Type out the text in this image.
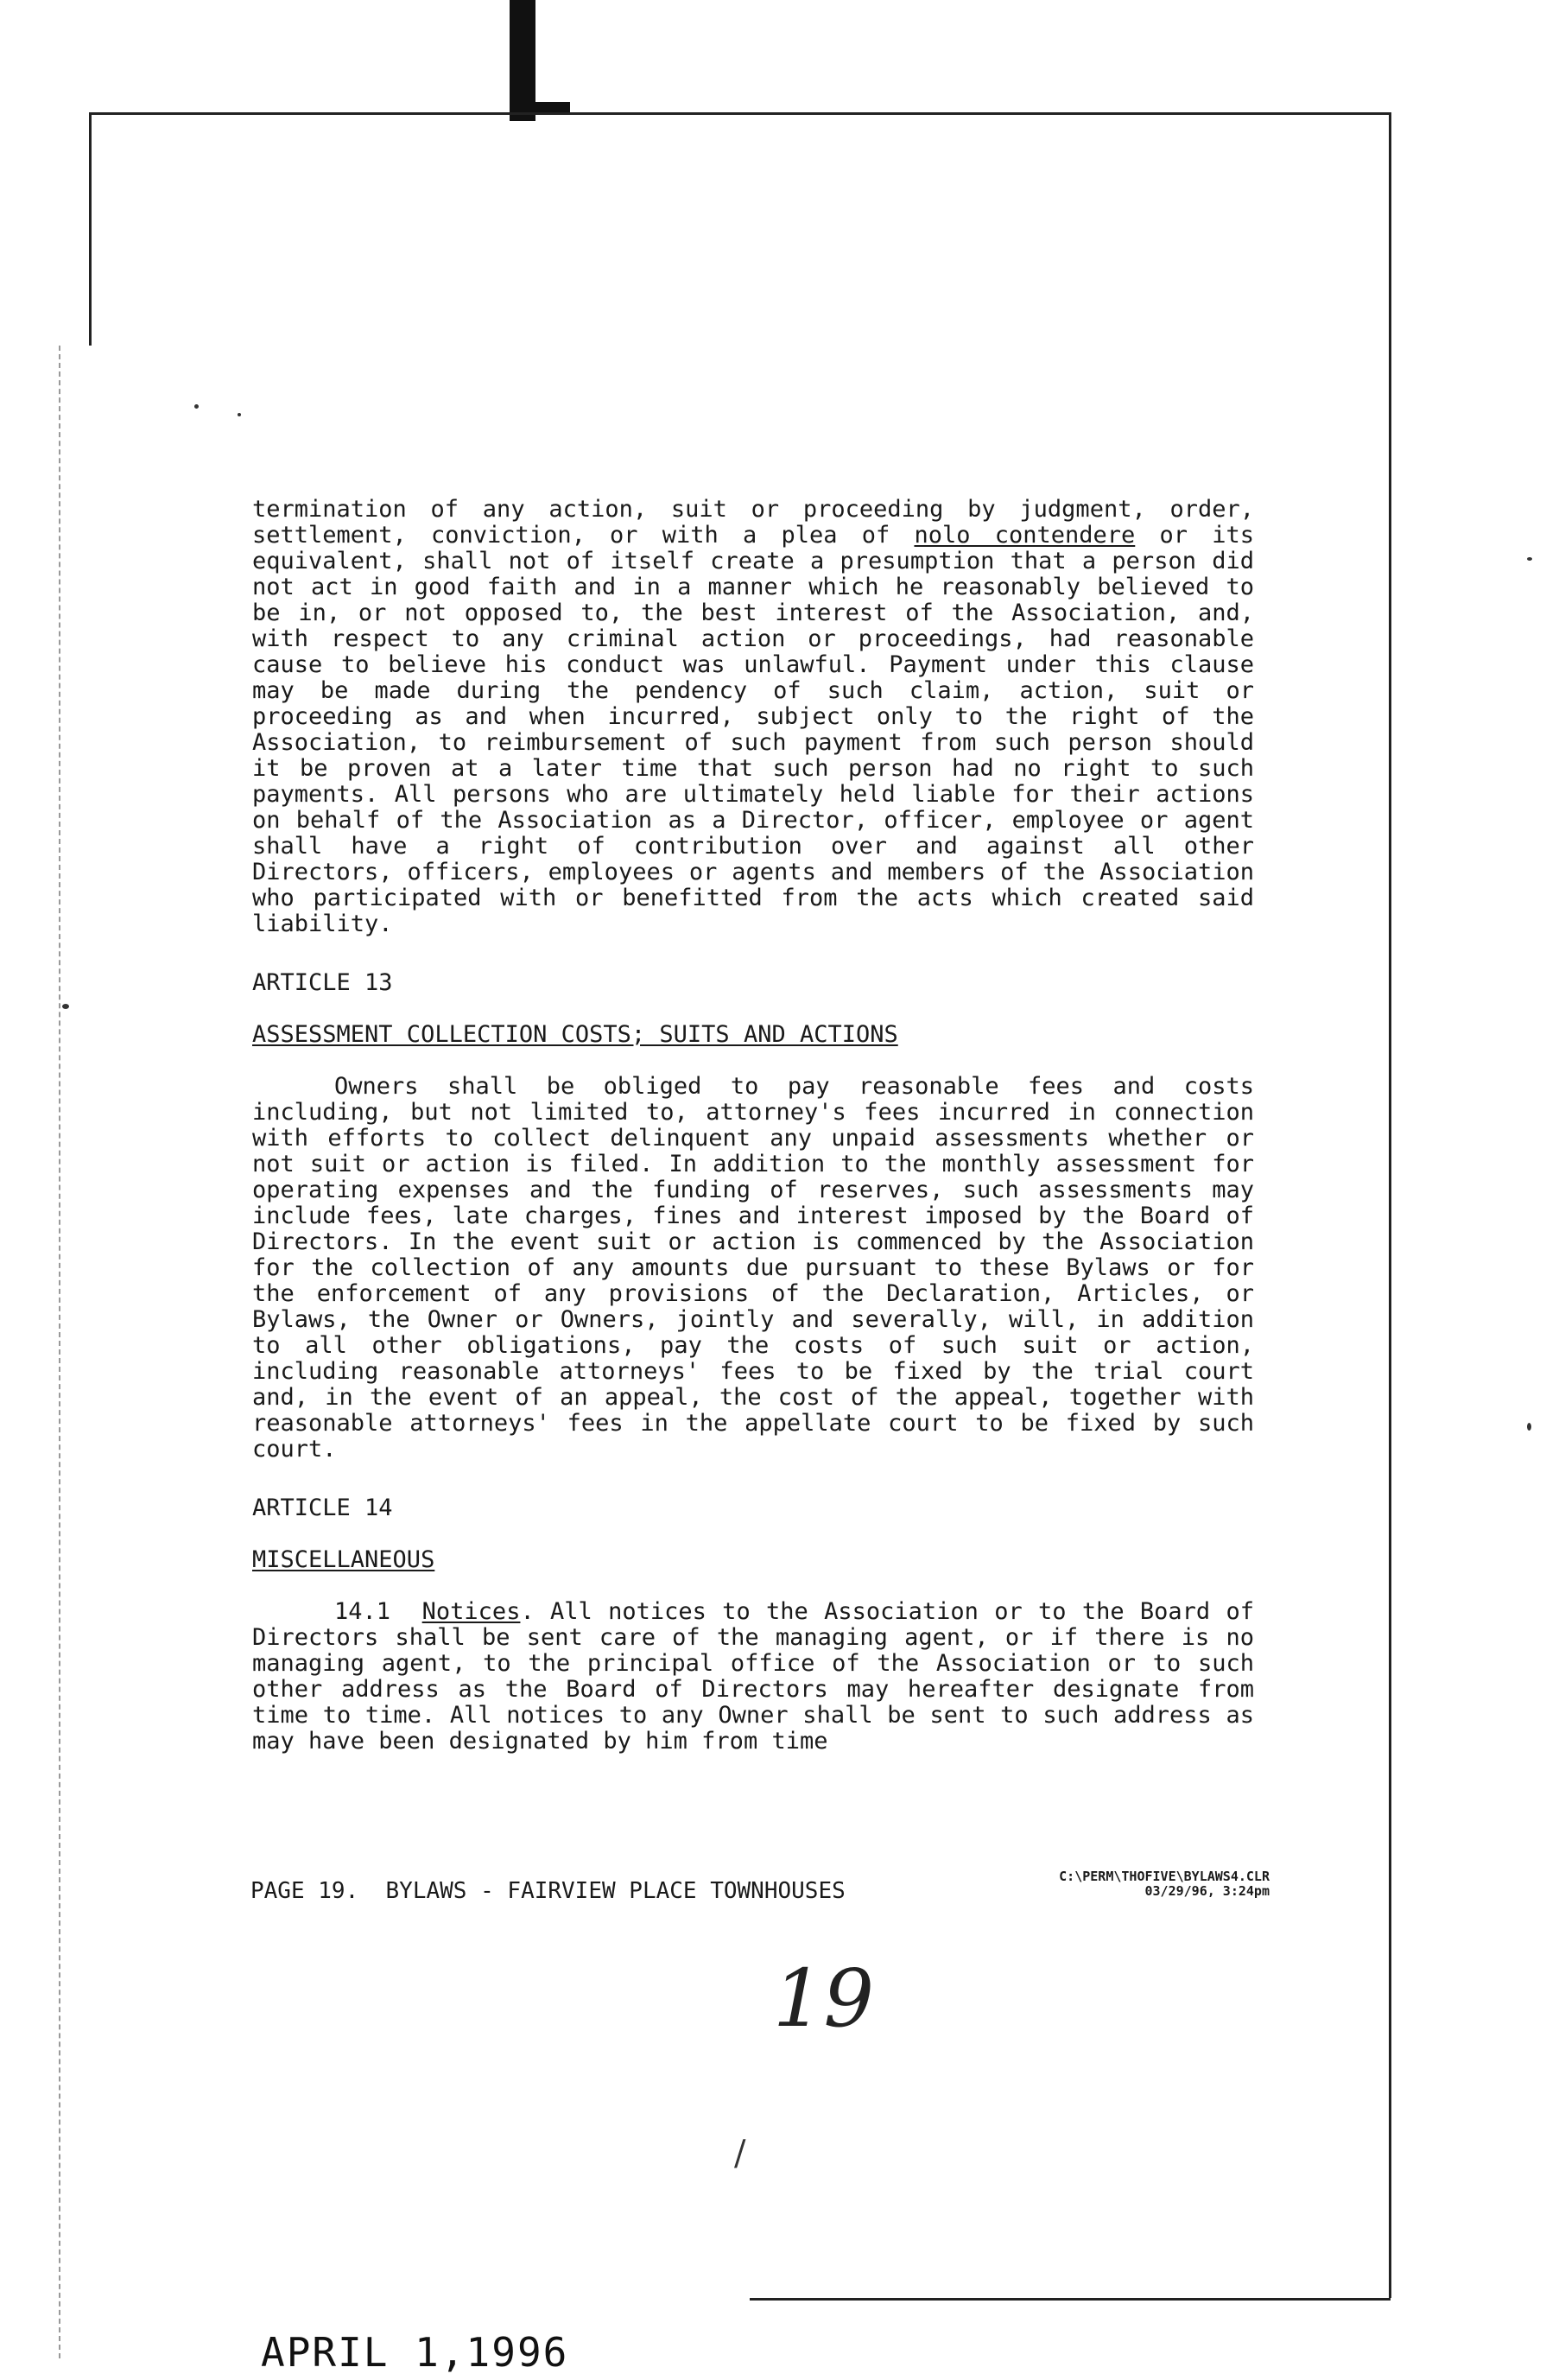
termination of any action, suit or proceeding by judgment, order, settlement, conviction, or with a plea of nolo contendere or its equivalent, shall not of itself create a presumption that a person did not act in good faith and in a manner which he reasonably believed to be in, or not opposed to, the best interest of the Association, and, with respect to any criminal action or proceedings, had reasonable cause to believe his conduct was unlawful. Payment under this clause may be made during the pendency of such claim, action, suit or proceeding as and when incurred, subject only to the right of the Association, to reimbursement of such payment from such person should it be proven at a later time that such person had no right to such payments. All persons who are ultimately held liable for their actions on behalf of the Association as a Director, officer, employee or agent shall have a right of contribution over and against all other Directors, officers, employees or agents and members of the Association who participated with or benefitted from the acts which created said liability.

ARTICLE 13

ASSESSMENT COLLECTION COSTS; SUITS AND ACTIONS

Owners shall be obliged to pay reasonable fees and costs including, but not limited to, attorney's fees incurred in connection with efforts to collect delinquent any unpaid assessments whether or not suit or action is filed. In addition to the monthly assessment for operating expenses and the funding of reserves, such assessments may include fees, late charges, fines and interest imposed by the Board of Directors. In the event suit or action is commenced by the Association for the collection of any amounts due pursuant to these Bylaws or for the enforcement of any provisions of the Declaration, Articles, or Bylaws, the Owner or Owners, jointly and severally, will, in addition to all other obligations, pay the costs of such suit or action, including reasonable attorneys' fees to be fixed by the trial court and, in the event of an appeal, the cost of the appeal, together with reasonable attorneys' fees in the appellate court to be fixed by such court.

ARTICLE 14

MISCELLANEOUS

14.1 Notices. All notices to the Association or to the Board of Directors shall be sent care of the managing agent, or if there is no managing agent, to the principal office of the Association or to such other address as the Board of Directors may hereafter designate from time to time. All notices to any Owner shall be sent to such address as may have been designated by him from time

PAGE 19.  BYLAWS - FAIRVIEW PLACE TOWNHOUSES
C:\PERM\THOFIVE\BYLAWS4.CLR
03/29/96, 3:24pm
19
/
APRIL 1,1996
